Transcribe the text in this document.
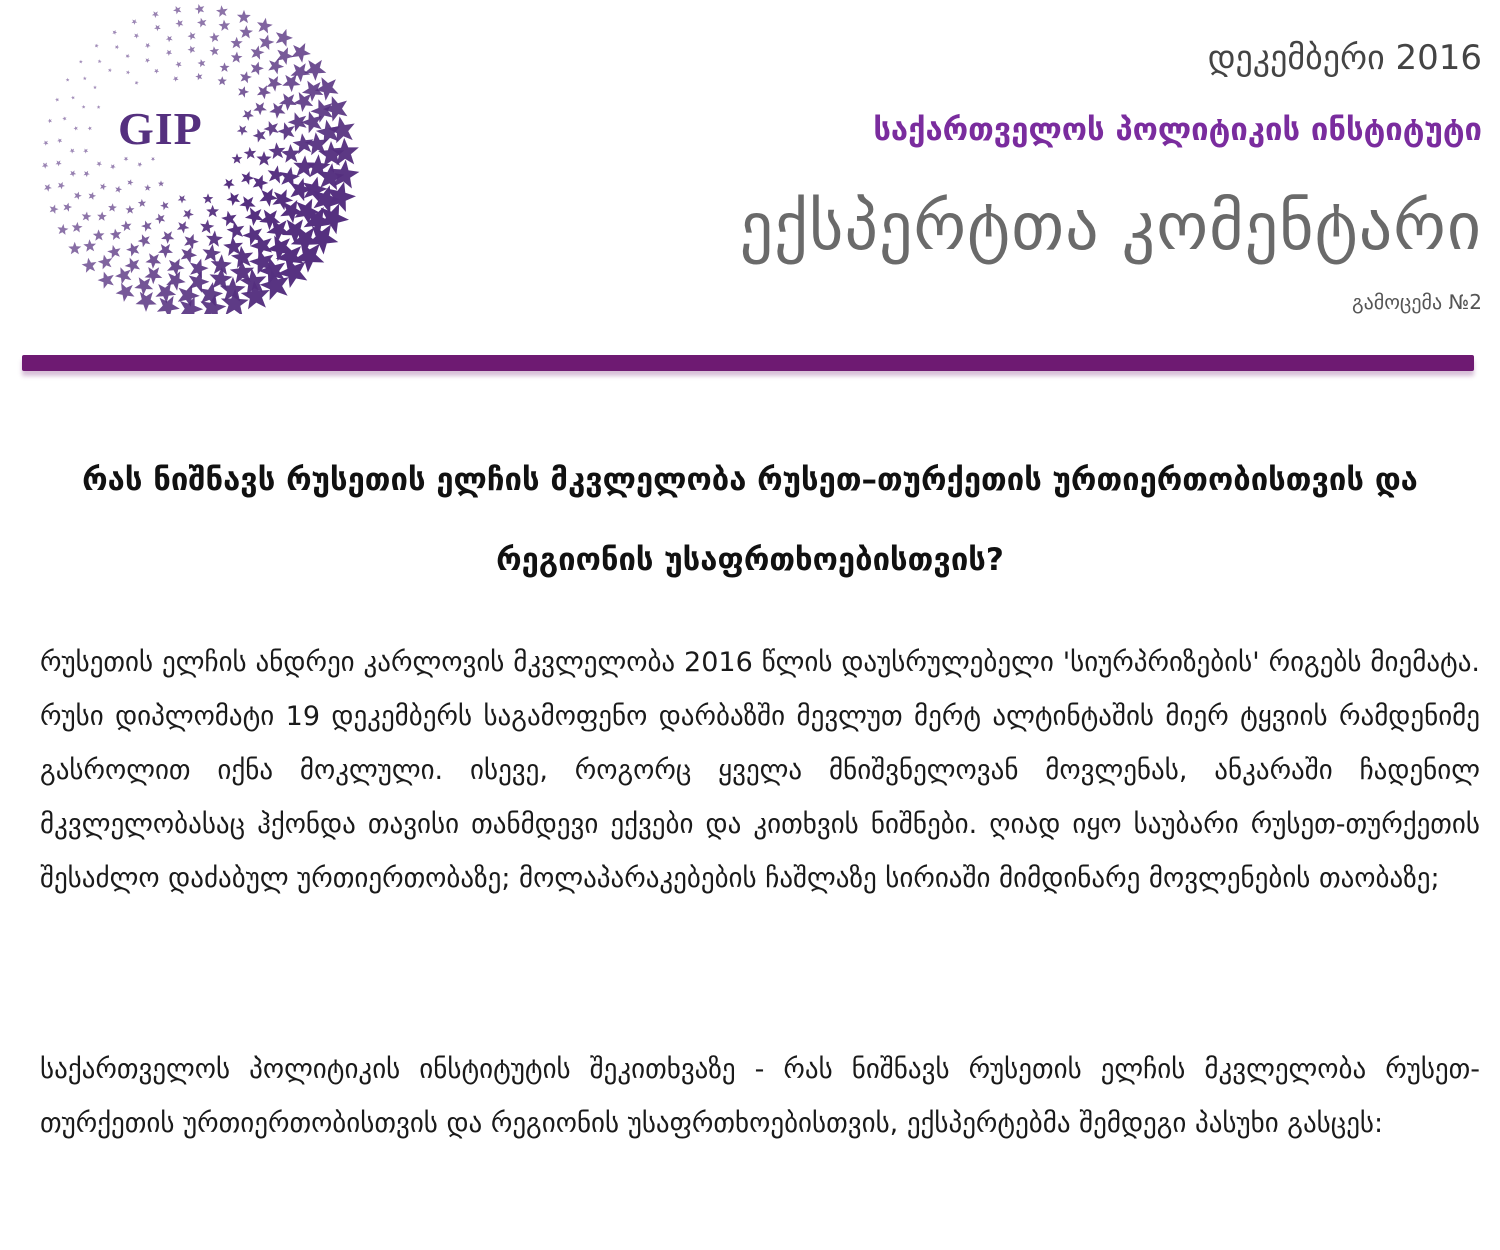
GIP
დეკემბერი 2016
საქართველოს პოლიტიკის ინსტიტუტი
ექსპერტთა კომენტარი
გამოცემა №2
რას ნიშნავს რუსეთის ელჩის მკვლელობა რუსეთ–თურქეთის ურთიერთობისთვის და რეგიონის უსაფრთხოებისთვის?
რუსეთის ელჩის ანდრეი კარლოვის მკვლელობა 2016 წლის დაუსრულებელი 'სიურპრიზების' რიგებს მიემატა. რუსი დიპლომატი 19 დეკემბერს საგამოფენო დარბაზში მევლუთ მერტ ალტინტაშის მიერ ტყვიის რამდენიმე გასროლით იქნა მოკლული. ისევე, როგორც ყველა მნიშვნელოვან მოვლენას, ანკარაში ჩადენილ მკვლელობასაც ჰქონდა თავისი თანმდევი ექვები და კითხვის ნიშნები. ღიად იყო საუბარი რუსეთ-თურქეთის შესაძლო დაძაბულ ურთიერთობაზე; მოლაპარაკებების ჩაშლაზე სირიაში მიმდინარე მოვლენების თაობაზე;
საქართველოს პოლიტიკის ინსტიტუტის შეკითხვაზე - რას ნიშნავს რუსეთის ელჩის მკვლელობა რუსეთ-თურქეთის ურთიერთობისთვის და რეგიონის უსაფრთხოებისთვის, ექსპერტებმა შემდეგი პასუხი გასცეს:
